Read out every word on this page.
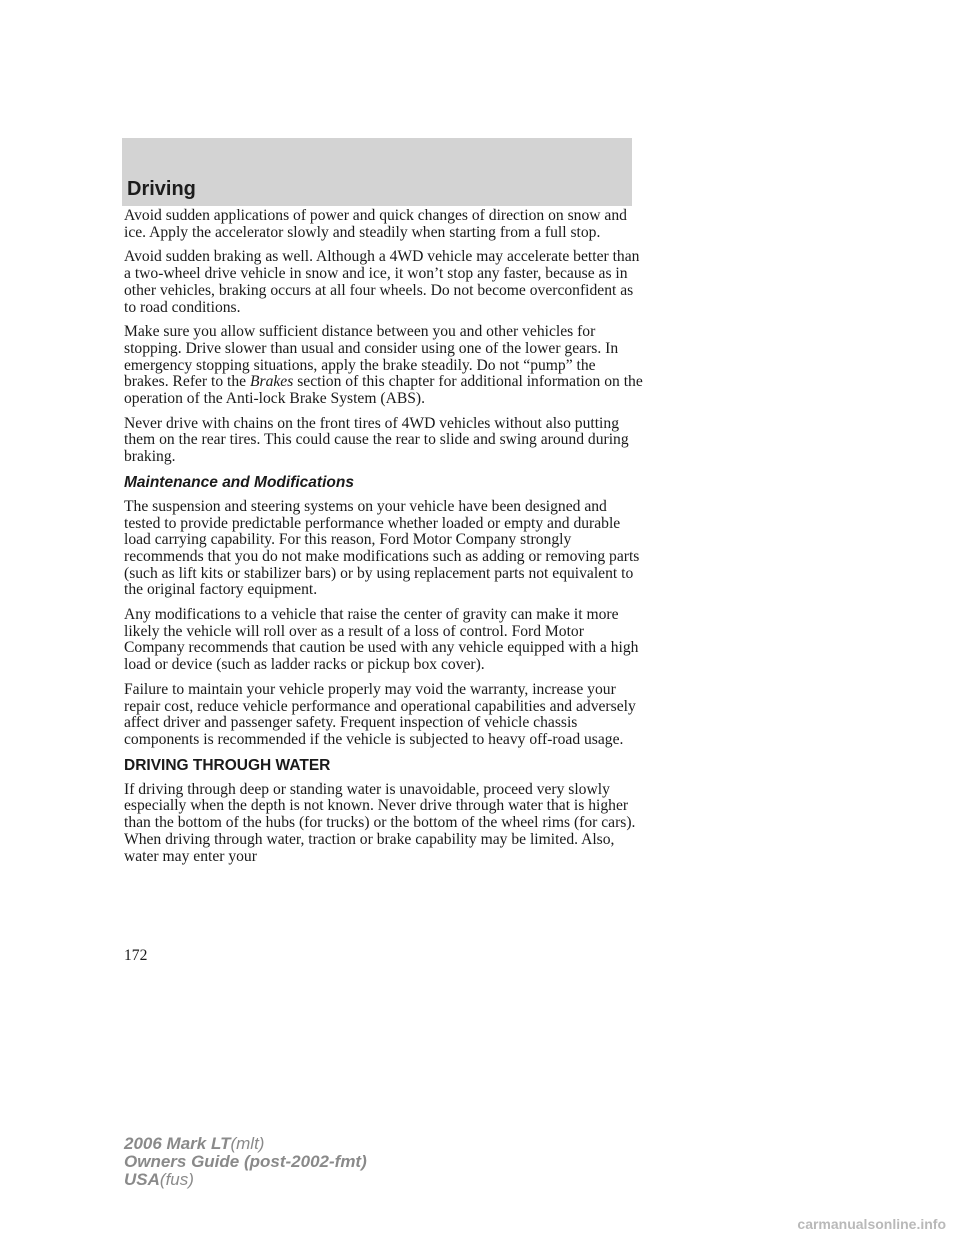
Driving

Avoid sudden applications of power and quick changes of direction on snow and ice. Apply the accelerator slowly and steadily when starting from a full stop.

Avoid sudden braking as well. Although a 4WD vehicle may accelerate better than a two-wheel drive vehicle in snow and ice, it won’t stop any faster, because as in other vehicles, braking occurs at all four wheels. Do not become overconfident as to road conditions.

Make sure you allow sufficient distance between you and other vehicles for stopping. Drive slower than usual and consider using one of the lower gears. In emergency stopping situations, apply the brake steadily. Do not “pump” the brakes. Refer to the Brakes section of this chapter for additional information on the operation of the Anti-lock Brake System (ABS).

Never drive with chains on the front tires of 4WD vehicles without also putting them on the rear tires. This could cause the rear to slide and swing around during braking.

Maintenance and Modifications

The suspension and steering systems on your vehicle have been designed and tested to provide predictable performance whether loaded or empty and durable load carrying capability. For this reason, Ford Motor Company strongly recommends that you do not make modifications such as adding or removing parts (such as lift kits or stabilizer bars) or by using replacement parts not equivalent to the original factory equipment.

Any modifications to a vehicle that raise the center of gravity can make it more likely the vehicle will roll over as a result of a loss of control. Ford Motor Company recommends that caution be used with any vehicle equipped with a high load or device (such as ladder racks or pickup box cover).

Failure to maintain your vehicle properly may void the warranty, increase your repair cost, reduce vehicle performance and operational capabilities and adversely affect driver and passenger safety. Frequent inspection of vehicle chassis components is recommended if the vehicle is subjected to heavy off-road usage.

DRIVING THROUGH WATER

If driving through deep or standing water is unavoidable, proceed very slowly especially when the depth is not known. Never drive through water that is higher than the bottom of the hubs (for trucks) or the bottom of the wheel rims (for cars). When driving through water, traction or brake capability may be limited. Also, water may enter your

172
2006 Mark LT(mlt)
Owners Guide (post-2002-fmt)
USA(fus)
carmanualsonline.info
